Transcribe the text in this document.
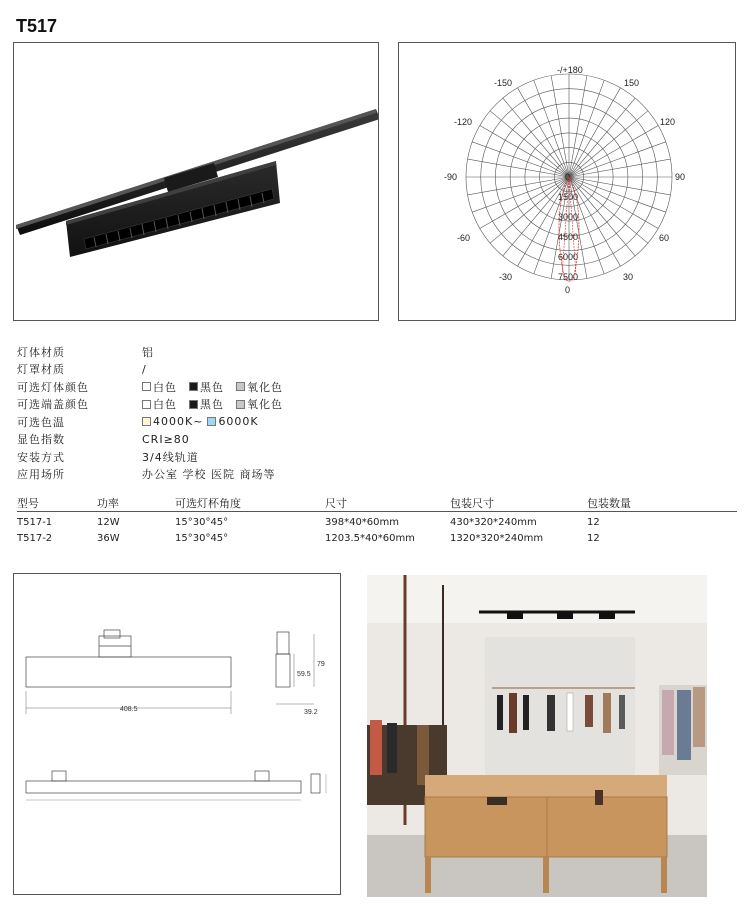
T517
-/+180
-150	150
-120	120
-90	90
-60	60
-30	30
0
0
1500
3000
4500
6000
7500
灯体材质	铝
灯罩材质	/
可选灯体颜色	白色 黑色 氧化色
可选端盖颜色	白色 黑色 氧化色
可选色温	4000K~ 6000K
显色指数	CRI≥80
安装方式	3/4线轨道
应用场所	办公室 学校 医院 商场等
型号	功率	可选灯杯角度	尺寸	包装尺寸	包装数量
T517-1	12W	15°30°45°	398*40*60mm	430*320*240mm	12
T517-2	36W	15°30°45°	1203.5*40*60mm	1320*320*240mm	12
408.5
59.5
79
39.2
